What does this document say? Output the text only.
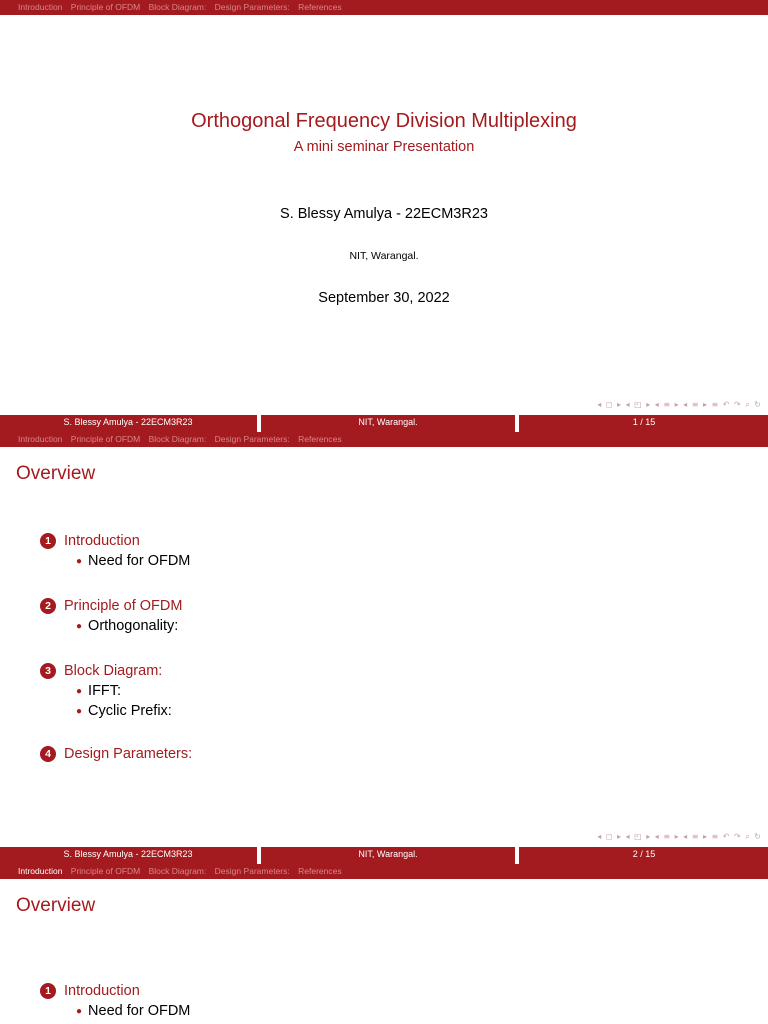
Introduction Principle of OFDM Block Diagram: Design Parameters: References
Orthogonal Frequency Division Multiplexing
A mini seminar Presentation
S. Blessy Amulya - 22ECM3R23
NIT, Warangal.
September 30, 2022
◂ ◻ ▸ ◂ ◰ ▸ ◂ ≡ ▸ ◂ ≡ ▸ ≡ ↶ ↷ ⌕ ↻
S. Blessy Amulya - 22ECM3R23	NIT, Warangal.	1 / 15
Introduction Principle of OFDM Block Diagram: Design Parameters: References
Overview
1 Introduction
● Need for OFDM
2 Principle of OFDM
● Orthogonality:
3 Block Diagram:
● IFFT:
● Cyclic Prefix:
4 Design Parameters:
◂ ◻ ▸ ◂ ◰ ▸ ◂ ≡ ▸ ◂ ≡ ▸ ≡ ↶ ↷ ⌕ ↻
S. Blessy Amulya - 22ECM3R23	NIT, Warangal.	2 / 15
Introduction Principle of OFDM Block Diagram: Design Parameters: References
Overview
1 Introduction
● Need for OFDM
